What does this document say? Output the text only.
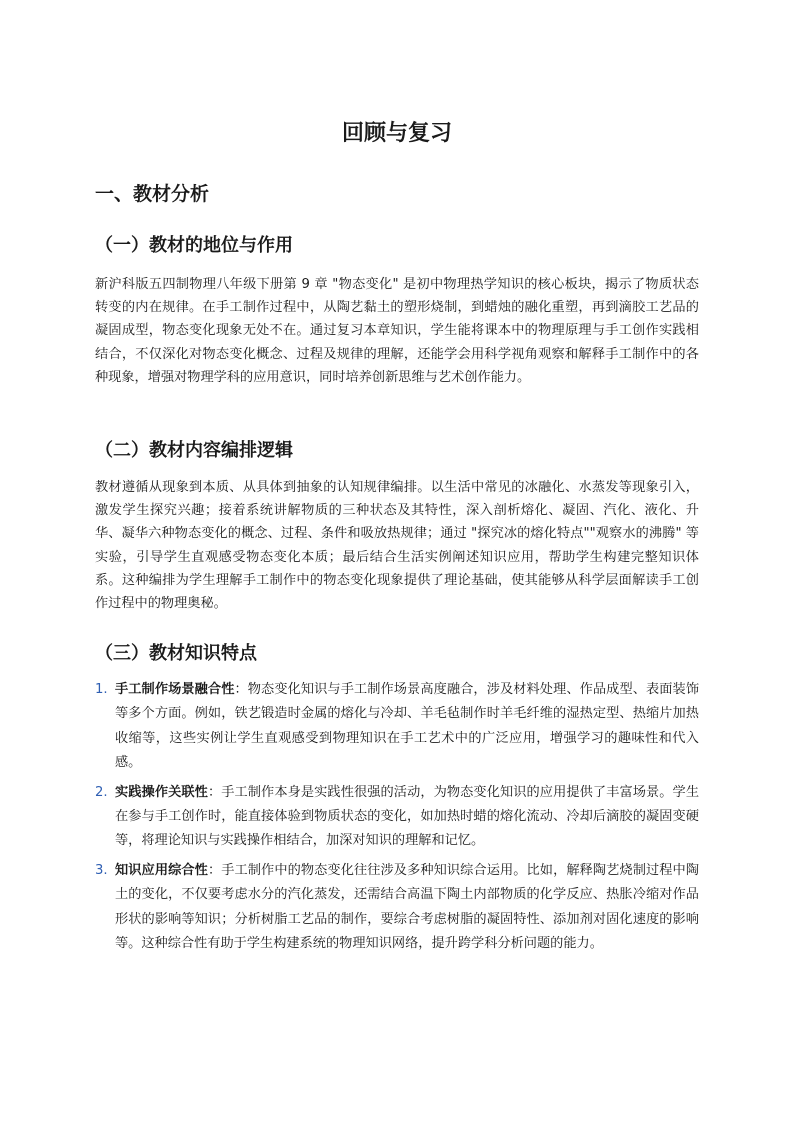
回顾与复习
一、教材分析
（一）教材的地位与作用

新沪科版五四制物理八年级下册第 9 章 "物态变化" 是初中物理热学知识的核心板块，揭示了物质状态转变的内在规律。在手工制作过程中，从陶艺黏土的塑形烧制，到蜡烛的融化重塑，再到滴胶工艺品的凝固成型，物态变化现象无处不在。通过复习本章知识，学生能将课本中的物理原理与手工创作实践相结合，不仅深化对物态变化概念、过程及规律的理解，还能学会用科学视角观察和解释手工制作中的各种现象，增强对物理学科的应用意识，同时培养创新思维与艺术创作能力。

（二）教材内容编排逻辑

教材遵循从现象到本质、从具体到抽象的认知规律编排。以生活中常见的冰融化、水蒸发等现象引入，激发学生探究兴趣；接着系统讲解物质的三种状态及其特性，深入剖析熔化、凝固、汽化、液化、升华、凝华六种物态变化的概念、过程、条件和吸放热规律；通过 "探究冰的熔化特点""观察水的沸腾" 等实验，引导学生直观感受物态变化本质；最后结合生活实例阐述知识应用，帮助学生构建完整知识体系。这种编排为学生理解手工制作中的物态变化现象提供了理论基础，使其能够从科学层面解读手工创作过程中的物理奥秘。

（三）教材知识特点
1. 手工制作场景融合性：物态变化知识与手工制作场景高度融合，涉及材料处理、作品成型、表面装饰等多个方面。例如，铁艺锻造时金属的熔化与冷却、羊毛毡制作时羊毛纤维的湿热定型、热缩片加热收缩等，这些实例让学生直观感受到物理知识在手工艺术中的广泛应用，增强学习的趣味性和代入感。
2. 实践操作关联性：手工制作本身是实践性很强的活动，为物态变化知识的应用提供了丰富场景。学生在参与手工创作时，能直接体验到物质状态的变化，如加热时蜡的熔化流动、冷却后滴胶的凝固变硬等，将理论知识与实践操作相结合，加深对知识的理解和记忆。
3. 知识应用综合性：手工制作中的物态变化往往涉及多种知识综合运用。比如，解释陶艺烧制过程中陶土的变化，不仅要考虑水分的汽化蒸发，还需结合高温下陶土内部物质的化学反应、热胀冷缩对作品形状的影响等知识；分析树脂工艺品的制作，要综合考虑树脂的凝固特性、添加剂对固化速度的影响等。这种综合性有助于学生构建系统的物理知识网络，提升跨学科分析问题的能力。
